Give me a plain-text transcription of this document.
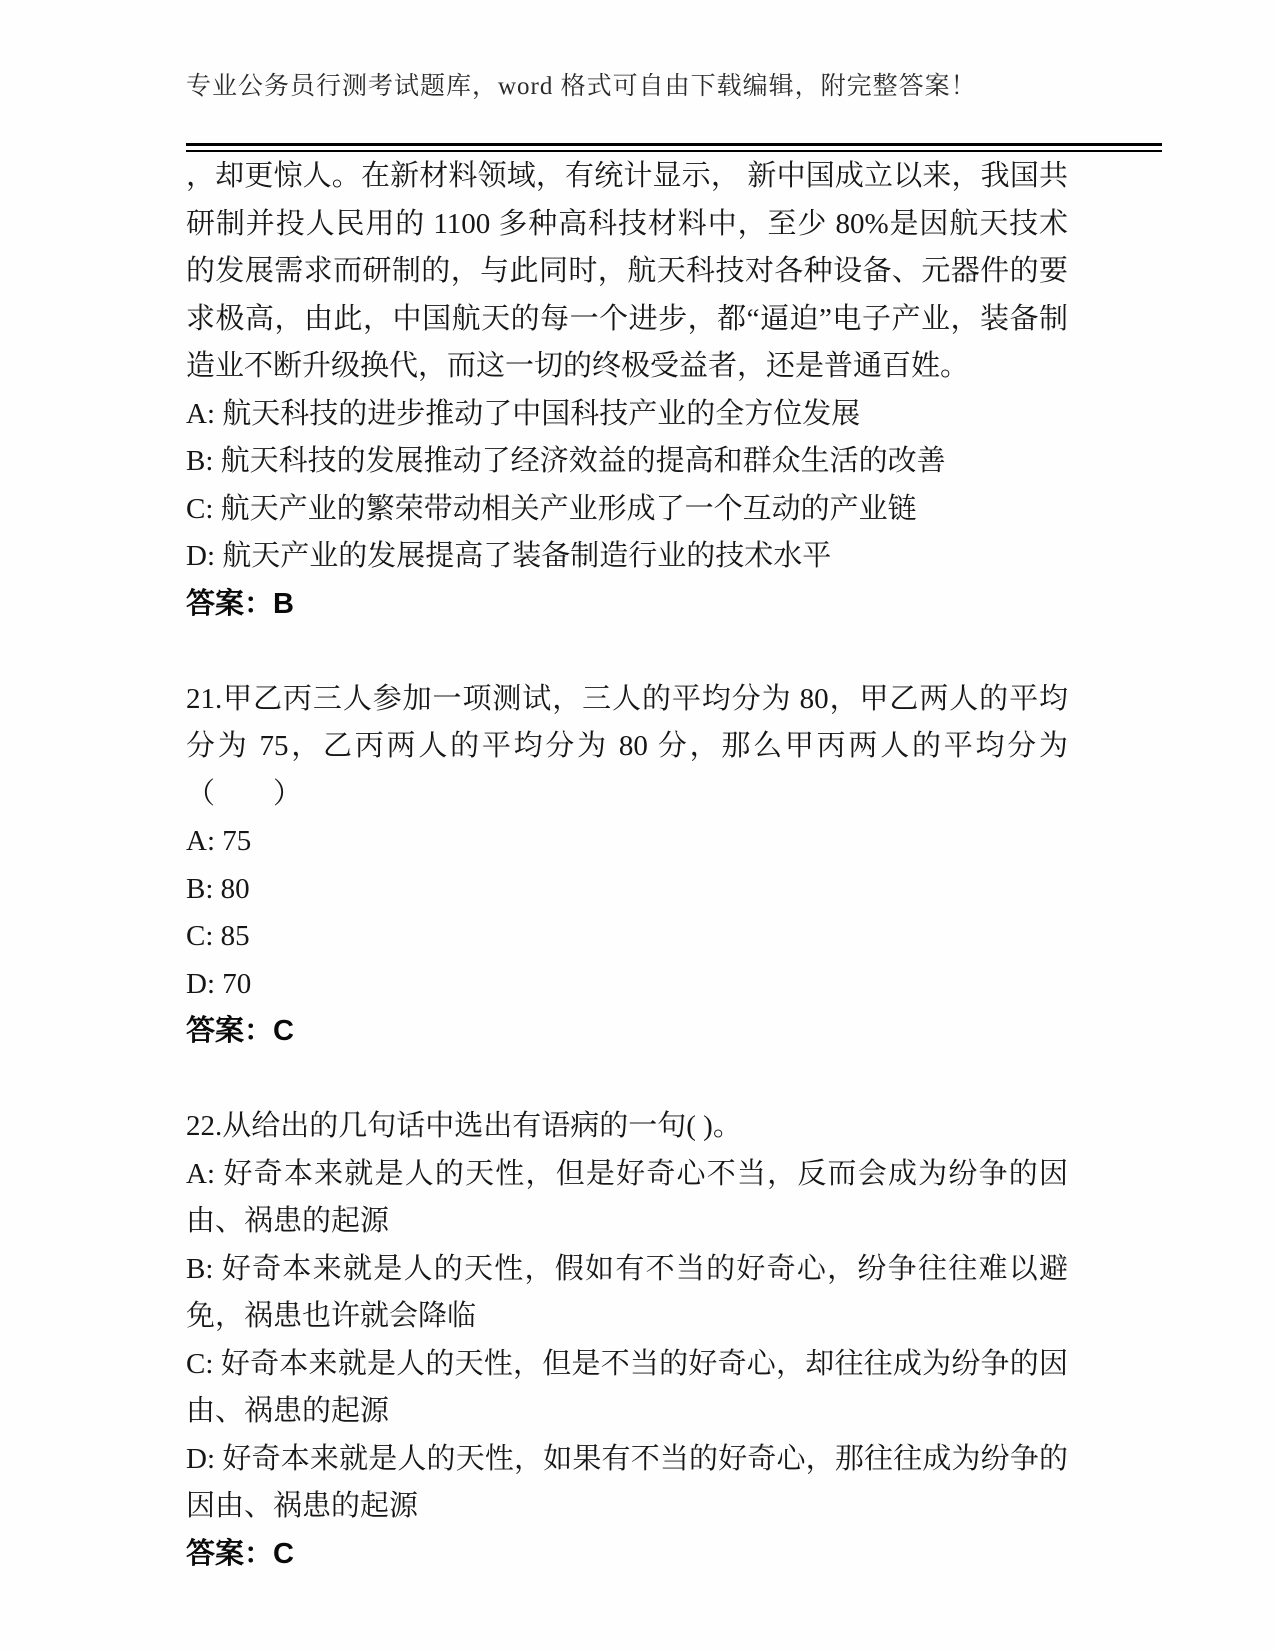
专业公务员行测考试题库，word 格式可自由下载编辑，附完整答案！

，却更惊人。在新材料领域，有统计显示， 新中国成立以来，我国共研制并投人民用的 1100 多种高科技材料中，至少 80%是因航天技术的发展需求而研制的，与此同时，航天科技对各种设备、元器件的要求极高，由此，中国航天的每一个进步，都“逼迫”电子产业，装备制造业不断升级换代，而这一切的终极受益者，还是普通百姓。

A: 航天科技的进步推动了中国科技产业的全方位发展

B: 航天科技的发展推动了经济效益的提高和群众生活的改善

C: 航天产业的繁荣带动相关产业形成了一个互动的产业链

D: 航天产业的发展提高了装备制造行业的技术水平

答案：B

21.甲乙丙三人参加一项测试，三人的平均分为 80，甲乙两人的平均分为 75，乙丙两人的平均分为 80 分，那么甲丙两人的平均分为（　　）

A: 75

B: 80

C: 85

D: 70

答案：C

22.从给出的几句话中选出有语病的一句( )。

A: 好奇本来就是人的天性，但是好奇心不当，反而会成为纷争的因由、祸患的起源

B: 好奇本来就是人的天性，假如有不当的好奇心，纷争往往难以避免，祸患也许就会降临

C: 好奇本来就是人的天性，但是不当的好奇心，却往往成为纷争的因由、祸患的起源

D: 好奇本来就是人的天性，如果有不当的好奇心，那往往成为纷争的因由、祸患的起源

答案：C
